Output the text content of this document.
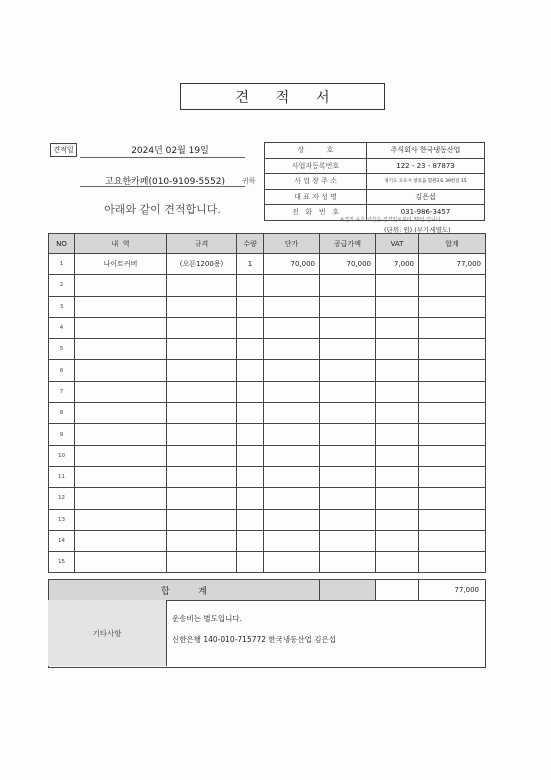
견      적      서
견적일	2024년 02월 19일
고요한카페(010-9109-5552)	귀하
아래와 같이 견적합니다.
상          호	주식회사 한국냉동산업
사업자등록번호	122 - 23 - 87873
사 업 장 주 소	경기도 오포시 창호읍 혈원3로 39번길 15
대 표 자 성 명	김은섭
전   화   번   호	031-986-3457
※견적 유효 기간은 견적일로부터 30일 입니다.
(단위: 원) (부가세별도)
NO	내  역	규격	수량	단가	공급가액	VAT	합계
1	나이트커버	(오픈1200용)	1	70,000	70,000	7,000	77,000
2							
3							
4							
5							
6							
7							
8							
9							
10							
11							
12							
13							
14							
15							
합          계			77,000
기타사항
운송비는 별도입니다.
신한은행 140-010-715772 한국냉동산업 김은섭
